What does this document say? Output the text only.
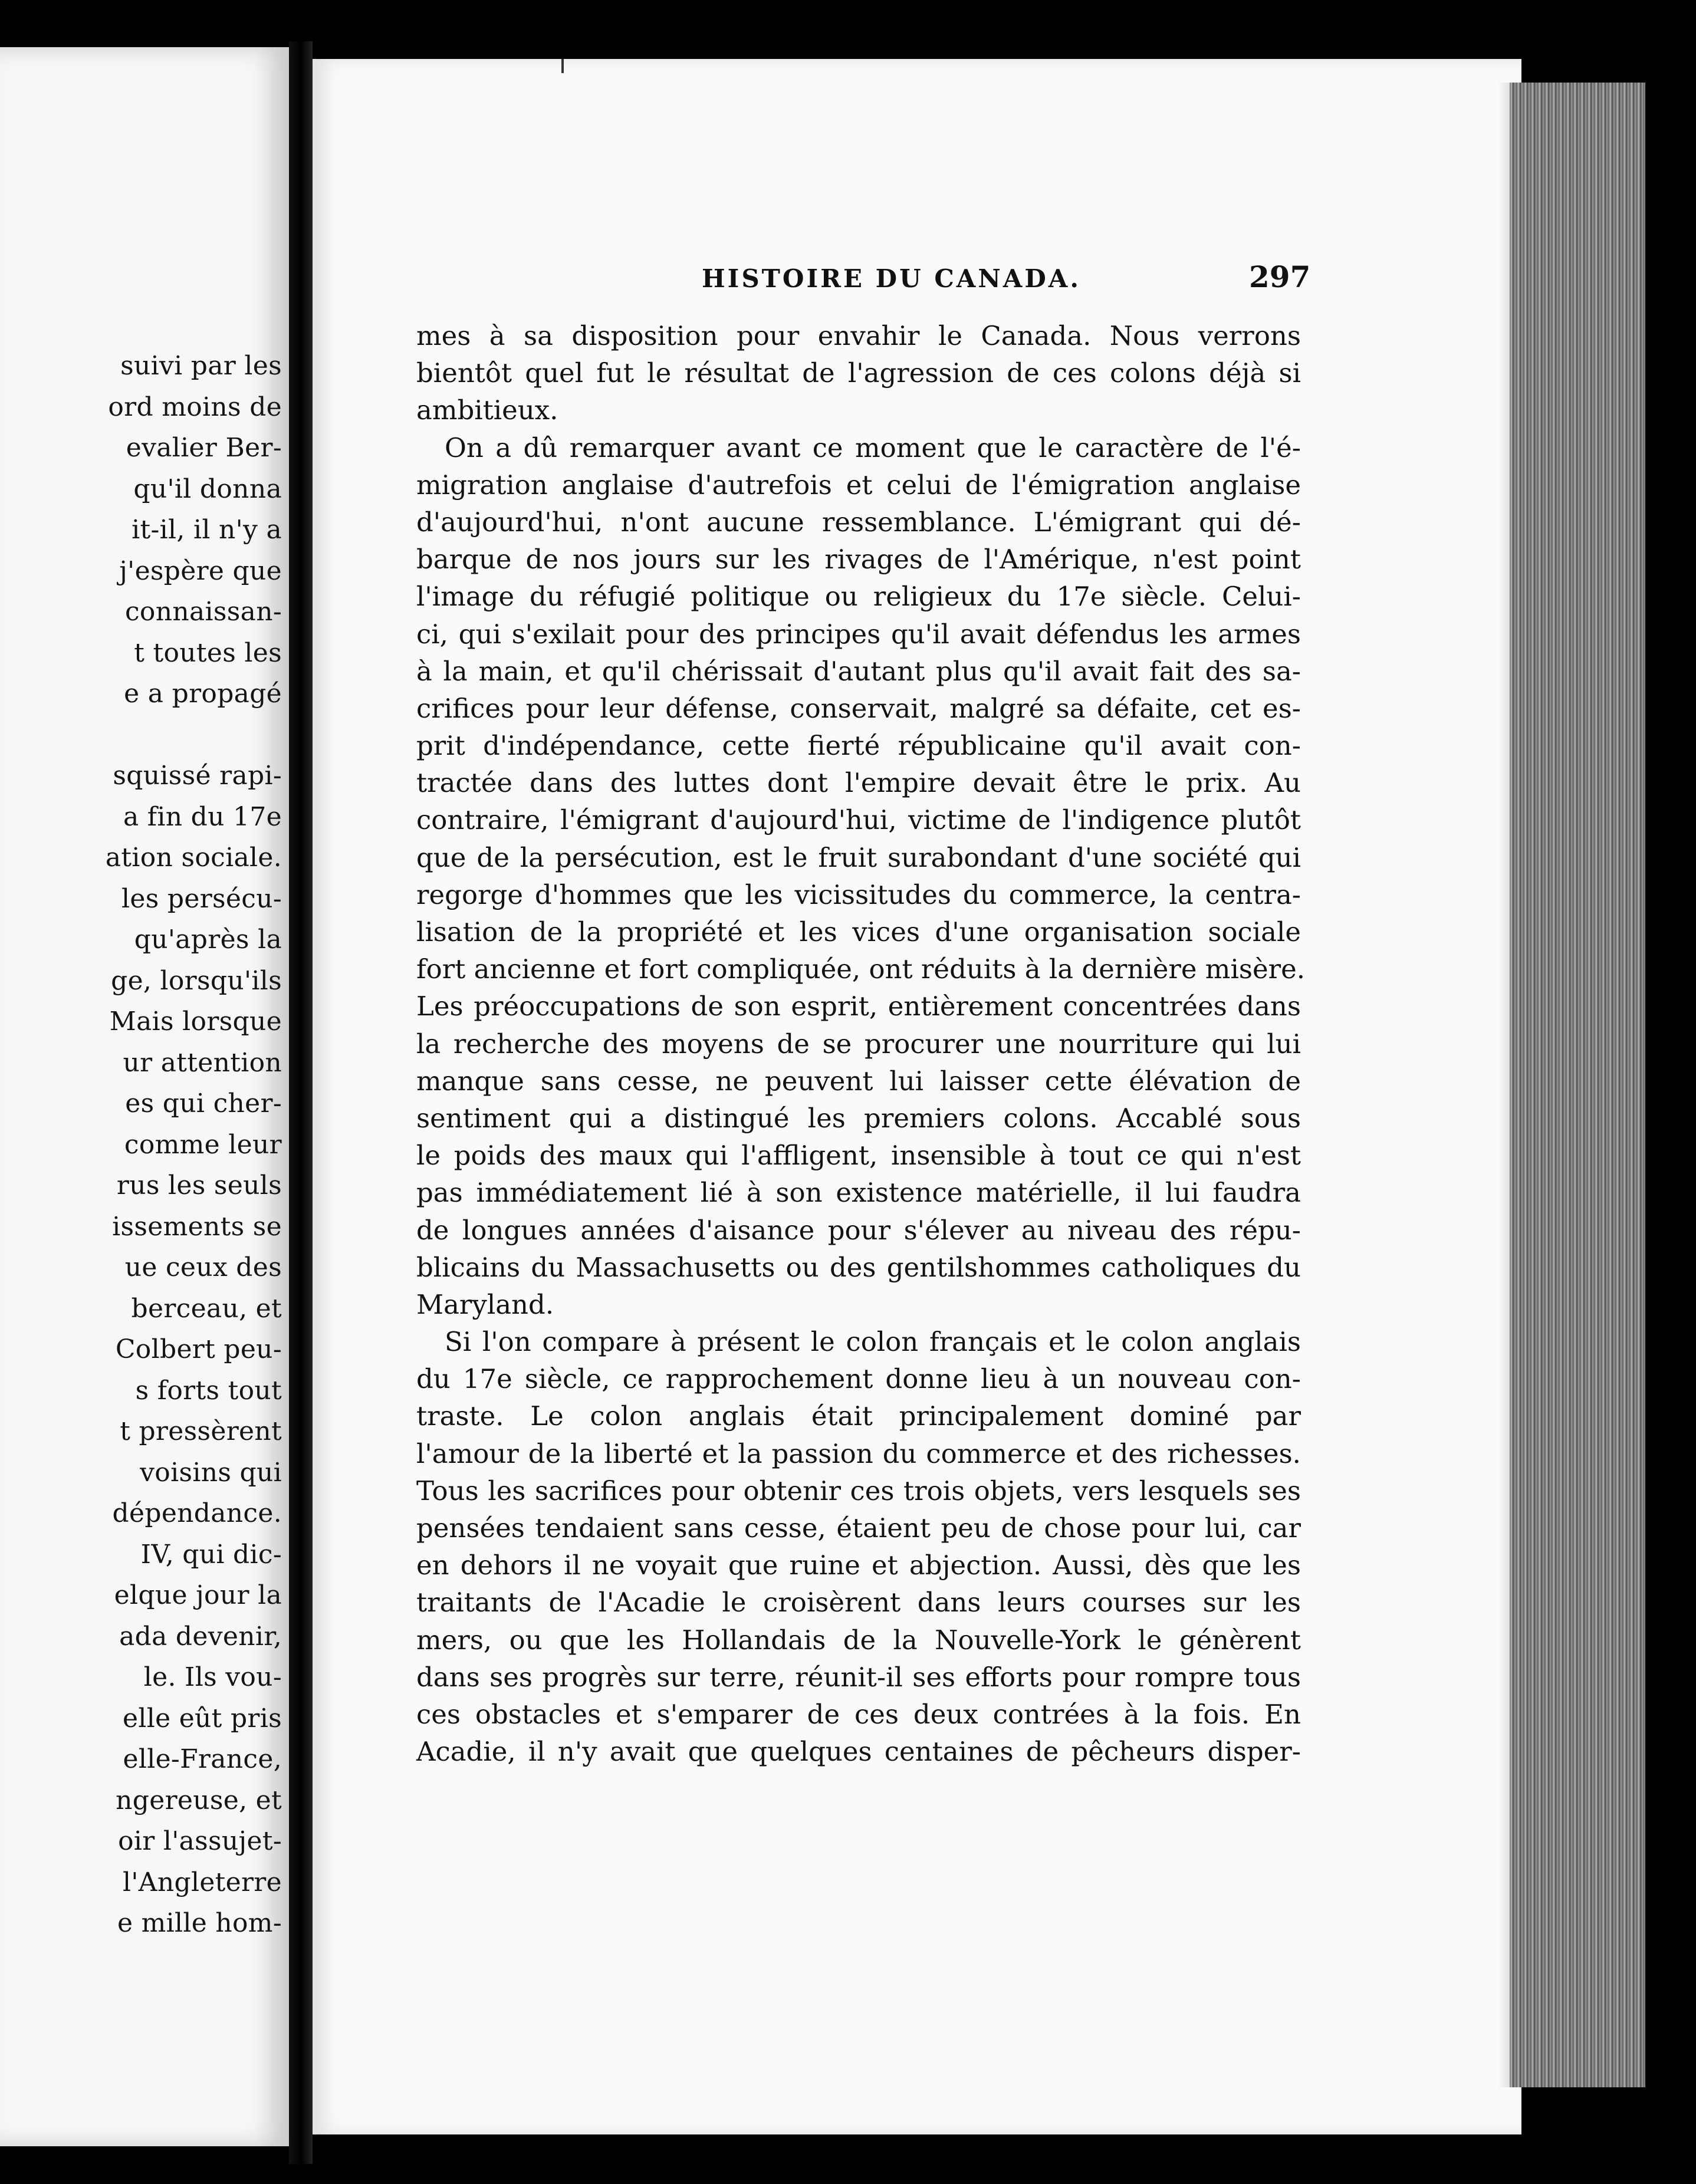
suivi par les
ord moins de
evalier Ber-
qu'il donna
it-il, il n'y a
j'espère que
connaissan-
t toutes les
e a propagé
squissé rapi-
a fin du 17e
ation sociale.
les persécu-
qu'après la
ge, lorsqu'ils
Mais lorsque
ur attention
es qui cher-
comme leur
rus les seuls
issements se
ue ceux des
berceau, et
Colbert peu-
s forts tout
t pressèrent
voisins qui
dépendance.
IV, qui dic-
elque jour la
ada devenir,
le. Ils vou-
elle eût pris
elle-France,
ngereuse, et
oir l'assujet-
l'Angleterre
e mille hom-
HISTOIRE DU CANADA.	297
mes à sa disposition pour envahir le Canada. Nous verrons
bientôt quel fut le résultat de l'agression de ces colons déjà si
ambitieux.
On a dû remarquer avant ce moment que le caractère de l'é-
migration anglaise d'autrefois et celui de l'émigration anglaise
d'aujourd'hui, n'ont aucune ressemblance. L'émigrant qui dé-
barque de nos jours sur les rivages de l'Amérique, n'est point
l'image du réfugié politique ou religieux du 17e siècle. Celui-
ci, qui s'exilait pour des principes qu'il avait défendus les armes
à la main, et qu'il chérissait d'autant plus qu'il avait fait des sa-
crifices pour leur défense, conservait, malgré sa défaite, cet es-
prit d'indépendance, cette fierté républicaine qu'il avait con-
tractée dans des luttes dont l'empire devait être le prix. Au
contraire, l'émigrant d'aujourd'hui, victime de l'indigence plutôt
que de la persécution, est le fruit surabondant d'une société qui
regorge d'hommes que les vicissitudes du commerce, la centra-
lisation de la propriété et les vices d'une organisation sociale
fort ancienne et fort compliquée, ont réduits à la dernière misère.
Les préoccupations de son esprit, entièrement concentrées dans
la recherche des moyens de se procurer une nourriture qui lui
manque sans cesse, ne peuvent lui laisser cette élévation de
sentiment qui a distingué les premiers colons. Accablé sous
le poids des maux qui l'affligent, insensible à tout ce qui n'est
pas immédiatement lié à son existence matérielle, il lui faudra
de longues années d'aisance pour s'élever au niveau des répu-
blicains du Massachusetts ou des gentilshommes catholiques du
Maryland.
Si l'on compare à présent le colon français et le colon anglais
du 17e siècle, ce rapprochement donne lieu à un nouveau con-
traste. Le colon anglais était principalement dominé par
l'amour de la liberté et la passion du commerce et des richesses.
Tous les sacrifices pour obtenir ces trois objets, vers lesquels ses
pensées tendaient sans cesse, étaient peu de chose pour lui, car
en dehors il ne voyait que ruine et abjection. Aussi, dès que les
traitants de l'Acadie le croisèrent dans leurs courses sur les
mers, ou que les Hollandais de la Nouvelle-York le génèrent
dans ses progrès sur terre, réunit-il ses efforts pour rompre tous
ces obstacles et s'emparer de ces deux contrées à la fois. En
Acadie, il n'y avait que quelques centaines de pêcheurs disper-
